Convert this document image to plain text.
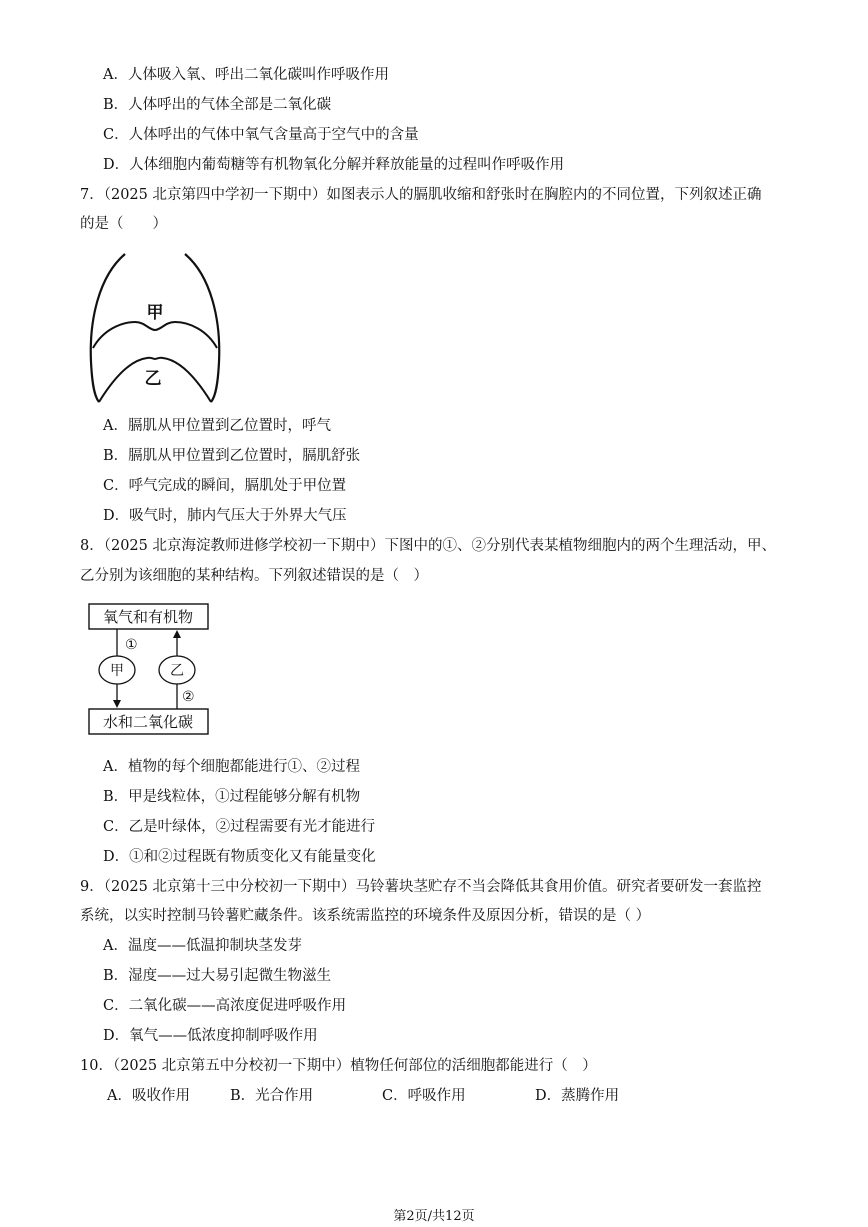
A．人体吸入氧、呼出二氧化碳叫作呼吸作用
B．人体呼出的气体全部是二氧化碳
C．人体呼出的气体中氧气含量高于空气中的含量
D．人体细胞内葡萄糖等有机物氧化分解并释放能量的过程叫作呼吸作用
7．（2025 北京第四中学初一下期中）如图表示人的膈肌收缩和舒张时在胸腔内的不同位置，下列叙述正确
的是（　　）
甲
乙
A．膈肌从甲位置到乙位置时，呼气
B．膈肌从甲位置到乙位置时，膈肌舒张
C．呼气完成的瞬间，膈肌处于甲位置
D．吸气时，肺内气压大于外界大气压
8．（2025 北京海淀教师进修学校初一下期中）下图中的①、②分别代表某植物细胞内的两个生理活动，甲、
乙分别为该细胞的某种结构。下列叙述错误的是（　）
氧气和有机物
水和二氧化碳
甲	乙
①
②
A．植物的每个细胞都能进行①、②过程
B．甲是线粒体，①过程能够分解有机物
C．乙是叶绿体，②过程需要有光才能进行
D．①和②过程既有物质变化又有能量变化
9．（2025 北京第十三中分校初一下期中）马铃薯块茎贮存不当会降低其食用价值。研究者要研发一套监控
系统，以实时控制马铃薯贮藏条件。该系统需监控的环境条件及原因分析，错误的是（ ）
A．温度——低温抑制块茎发芽
B．湿度——过大易引起微生物滋生
C．二氧化碳——高浓度促进呼吸作用
D．氧气——低浓度抑制呼吸作用
10．（2025 北京第五中分校初一下期中）植物任何部位的活细胞都能进行（　）
A．吸收作用	B．光合作用	C．呼吸作用	D．蒸腾作用
第2页/共12页
